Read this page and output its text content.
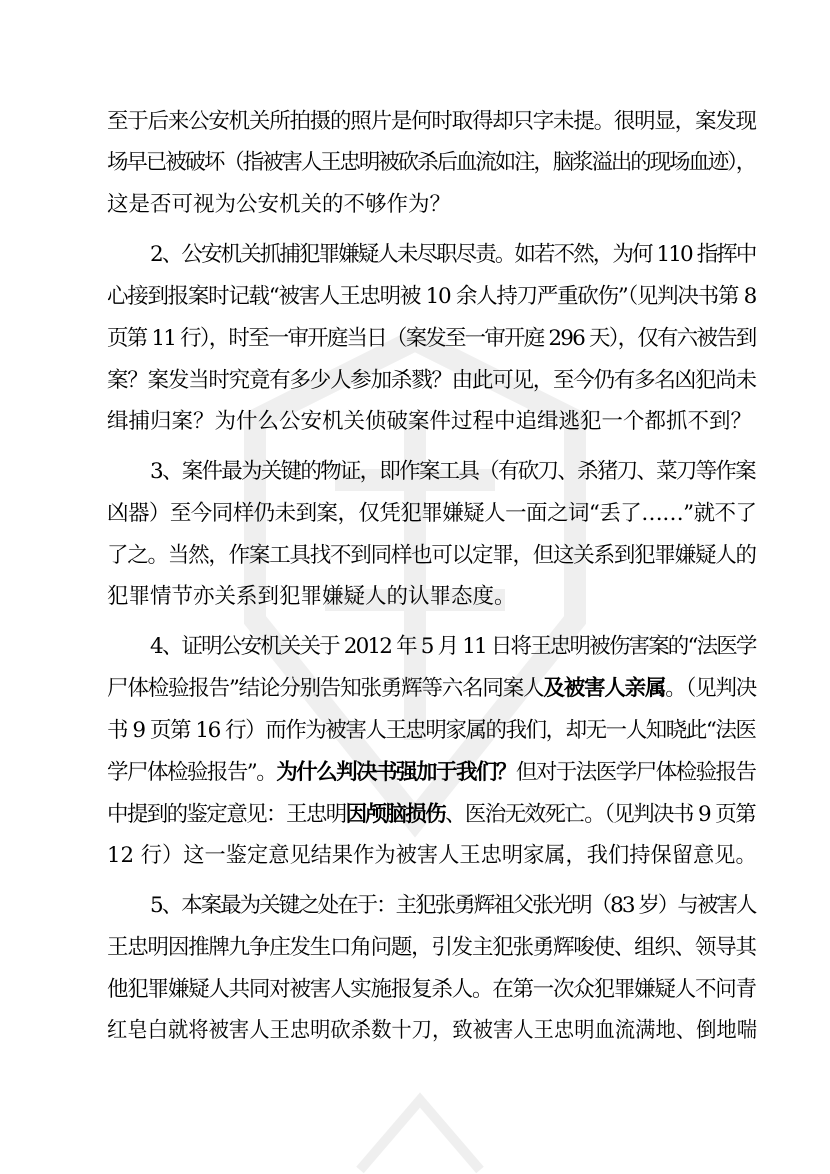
至于后来公安机关所拍摄的照片是何时取得却只字未提。很明显，案发现
场早已被破坏（指被害人王忠明被砍杀后血流如注，脑浆溢出的现场血迹），
这是否可视为公安机关的不够作为？
2、公安机关抓捕犯罪嫌疑人未尽职尽责。如若不然，为何 110 指挥中
心接到报案时记载“被害人王忠明被 10 余人持刀严重砍伤”（见判决书第 8
页第 11 行），时至一审开庭当日（案发至一审开庭 296 天），仅有六被告到
案？案发当时究竟有多少人参加杀戮？由此可见，至今仍有多名凶犯尚未
缉捕归案？为什么公安机关侦破案件过程中追缉逃犯一个都抓不到？
3、案件最为关键的物证，即作案工具（有砍刀、杀猪刀、菜刀等作案
凶器）至今同样仍未到案，仅凭犯罪嫌疑人一面之词“丢了……”就不了
了之。当然，作案工具找不到同样也可以定罪，但这关系到犯罪嫌疑人的
犯罪情节亦关系到犯罪嫌疑人的认罪态度。
4、证明公安机关关于 2012 年 5 月 11 日将王忠明被伤害案的“法医学
尸体检验报告”结论分别告知张勇辉等六名同案人及被害人亲属。（见判决
书 9 页第 16 行）而作为被害人王忠明家属的我们，却无一人知晓此“法医
学尸体检验报告”。为什么判决书强加于我们？但对于法医学尸体检验报告
中提到的鉴定意见：王忠明因颅脑损伤、医治无效死亡。（见判决书 9 页第
12 行）这一鉴定意见结果作为被害人王忠明家属，我们持保留意见。
5、本案最为关键之处在于：主犯张勇辉祖父张光明（83 岁）与被害人
王忠明因推牌九争庄发生口角问题，引发主犯张勇辉唆使、组织、领导其
他犯罪嫌疑人共同对被害人实施报复杀人。在第一次众犯罪嫌疑人不问青
红皂白就将被害人王忠明砍杀数十刀，致被害人王忠明血流满地、倒地喘
